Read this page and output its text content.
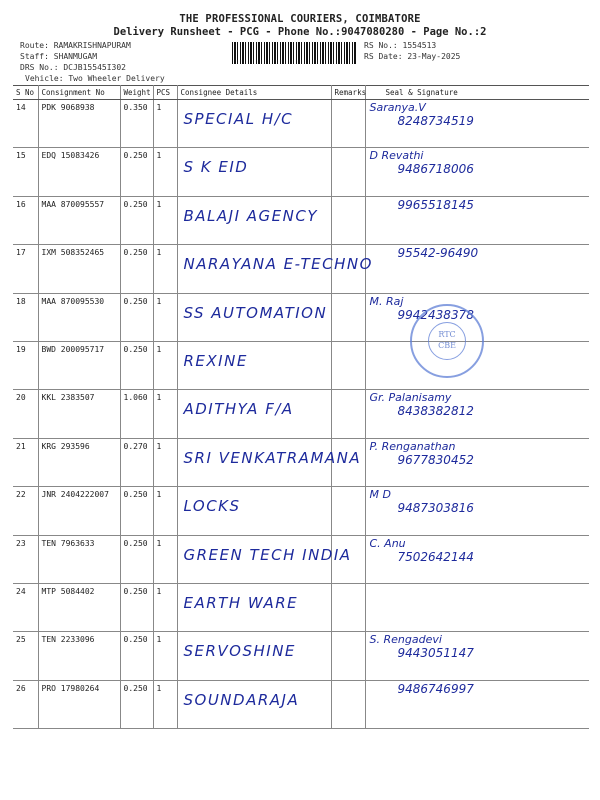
THE PROFESSIONAL COURIERS, COIMBATORE
Delivery Runsheet - PCG - Phone No.:9047080280 - Page No.:2
Route: RAMAKRISHNAPURAM
Staff: SHANMUGAM
DRS No.: DCJB15545I302
Vehicle: Two Wheeler Delivery
RS No.: 1554513
RS Date: 23-May-2025
S No	Consignment No	Weight	PCS	Consignee Details	Remarks	Seal & Signature
14	PDK 9068938	0.350	1	SPECIAL H/C		Saranya.V
8248734519

15	EDQ 15083426	0.250	1	S K EID		D Revathi
9486718006

16	MAA 870095557	0.250	1	BALAJI AGENCY		9965518145

17	IXM 508352465	0.250	1	NARAYANA E-TECHNO		95542-96490

18	MAA 870095530	0.250	1	SS AUTOMATION		M. Raj
9942438378

19	BWD 200095717	0.250	1	REXINE		

20	KKL 2383507	1.060	1	ADITHYA F/A		Gr. Palanisamy
8438382812

21	KRG 293596	0.270	1	SRI VENKATRAMANA		P. Renganathan
9677830452

22	JNR 2404222007	0.250	1	LOCKS		M D
9487303816

23	TEN 7963633	0.250	1	GREEN TECH INDIA		C. Anu
7502642144

24	MTP 5084402	0.250	1	EARTH WARE		

25	TEN 2233096	0.250	1	SERVOSHINE		S. Rengadevi
9443051147

26	PRO 17980264	0.250	1	SOUNDARAJA		9486746997
RTC
CBE
